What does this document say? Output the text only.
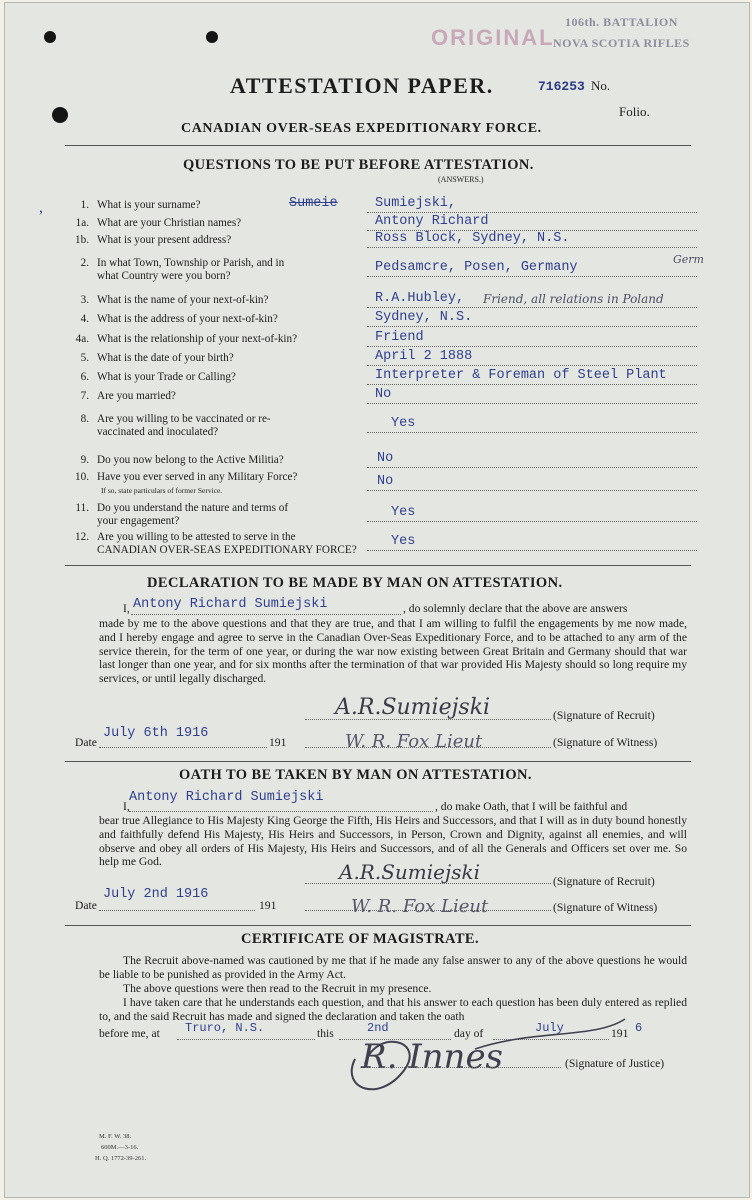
ORIGINAL
106th. BATTALION
NOVA SCOTIA RIFLES
ATTESTATION PAPER.	716253 No.
Folio.
CANADIAN OVER-SEAS EXPEDITIONARY FORCE.
QUESTIONS TO BE PUT BEFORE ATTESTATION.
(ANSWERS.)
,	1. What is your surname?	Sumiejski,
Sumeie
1a. What are your Christian names?	Antony Richard
1b. What is your present address?	Ross Block, Sydney, N.S.
2. In what Town, Township or Parish, and in
what Country were you born?
Pedsamcre, Posen, Germany
Germ
3. What is the name of your next-of-kin?	R.A.Hubley, Friend, all relations in Poland
4. What is the address of your next-of-kin?	Sydney, N.S.
4a. What is the relationship of your next-of-kin?	Friend
5. What is the date of your birth?	April 2 1888
6. What is your Trade or Calling?	Interpreter & Foreman of Steel Plant
7. Are you married?	No
8. Are you willing to be vaccinated or re-
vaccinated and inoculated?
Yes
9. Do you now belong to the Active Militia?	No
10. Have you ever served in any Military Force?
If so, state particulars of former Service.
No
11. Do you understand the nature and terms of
your engagement?
Yes
12. Are you willing to be attested to serve in the
CANADIAN OVER-SEAS EXPEDITIONARY FORCE?
Yes
DECLARATION TO BE MADE BY MAN ON ATTESTATION.
I, Antony Richard Sumiejski	, do solemnly declare that the above are answers
made by me to the above questions and that they are true, and that I am willing to fulfil the engagements by me now made, and I hereby engage and agree to serve in the Canadian Over-Seas Expeditionary Force, and to be attached to any arm of the service therein, for the term of one year, or during the war now existing between Great Britain and Germany should that war last longer than one year, and for six months after the termination of that war provided His Majesty should so long require my services, or until legally discharged.
A.R.Sumiejski	(Signature of Recruit)
Date
July 6th 1916
191	W. R. Fox Lieut	(Signature of Witness)
OATH TO BE TAKEN BY MAN ON ATTESTATION.
I,
Antony Richard Sumiejski
, do make Oath, that I will be faithful and
bear true Allegiance to His Majesty King George the Fifth, His Heirs and Successors, and that I will as in duty bound honestly and faithfully defend His Majesty, His Heirs and Successors, in Person, Crown and Dignity, against all enemies, and will observe and obey all orders of His Majesty, His Heirs and Successors, and of all the Generals and Officers set over me. So help me God.	A.R.Sumiejski	(Signature of Recruit)
Date
July 2nd 1916
191	W. R. Fox Lieut	(Signature of Witness)
CERTIFICATE OF MAGISTRATE.
The Recruit above-named was cautioned by me that if he made any false answer to any of the above questions he would be liable to be punished as provided in the Army Act.
The above questions were then read to the Recruit in my presence.
I have taken care that he understands each question, and that his answer to each question has been duly entered as replied to, and the said Recruit has made and signed the declaration and taken the oath
before me, at Truro, N.S.	this	2nd	day of	July	191 6
R. Innes	(Signature of Justice)
M. F. W. 38.
600M.—3-16.
H. Q. 1772-39-261.
